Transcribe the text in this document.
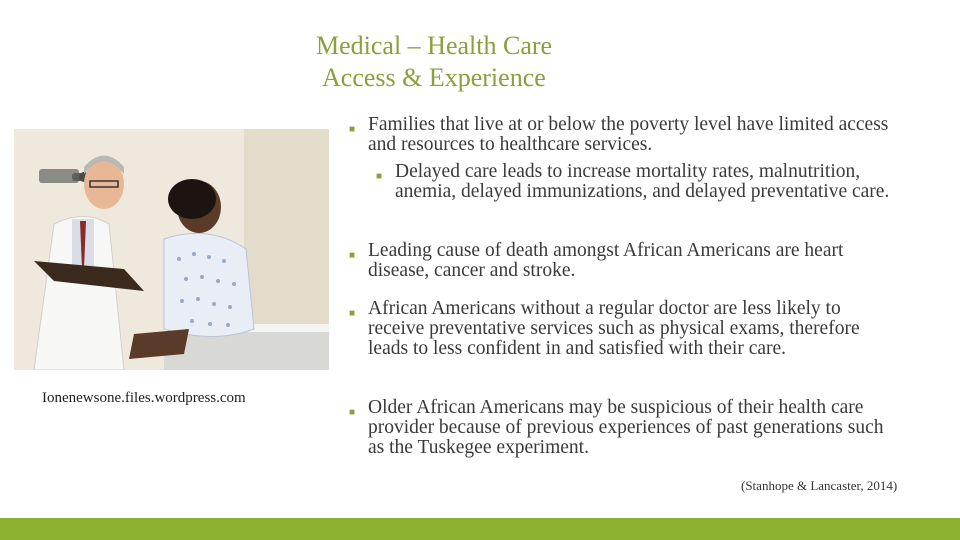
Medical – Health Care
Access & Experience
Ionenewsone.files.wordpress.com
■ Families that live at or below the poverty level have limited access and resources to healthcare services.
■ Delayed care leads to increase mortality rates, malnutrition, anemia, delayed immunizations, and delayed preventative care.
■ Leading cause of death amongst African Americans are heart disease, cancer and stroke.
■ African Americans without a regular doctor are less likely to receive preventative services such as physical exams, therefore leads to less confident in and satisfied with their care.
■ Older African Americans may be suspicious of their health care provider because of previous experiences of past generations such as the Tuskegee experiment.
(Stanhope & Lancaster, 2014)
